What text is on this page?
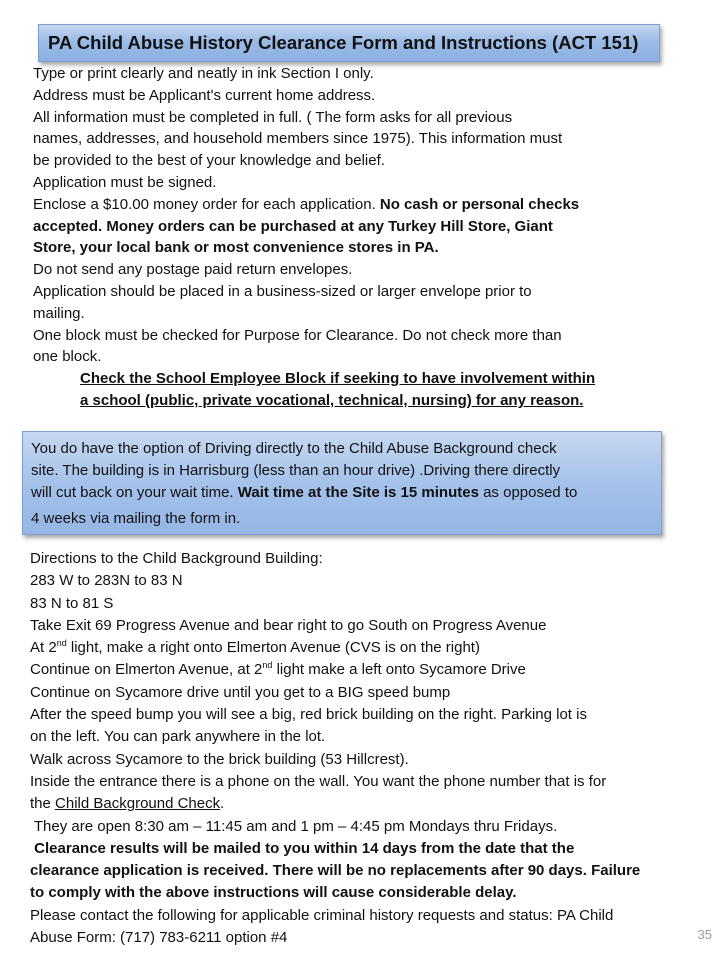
PA Child Abuse History Clearance Form and Instructions (ACT 151)
Type or print clearly and neatly in ink Section I only.
Address must be Applicant's current home address.
All information must be completed in full. ( The form asks for all previous
names, addresses, and household members since 1975). This information must
be provided to the best of your knowledge and belief.
Application must be signed.
Enclose a $10.00 money order for each application. No cash or personal checks
accepted. Money orders can be purchased at any Turkey Hill Store, Giant
Store, your local bank or most convenience stores in PA.
Do not send any postage paid return envelopes.
Application should be placed in a business-sized or larger envelope prior to
mailing.
One block must be checked for Purpose for Clearance. Do not check more than
one block.
Check the School Employee Block if seeking to have involvement within
a school (public, private vocational, technical, nursing) for any reason.
You do have the option of Driving directly to the Child Abuse Background check
site. The building is in Harrisburg (less than an hour drive) .Driving there directly
will cut back on your wait time. Wait time at the Site is 15 minutes as opposed to
4 weeks via mailing the form in.
Directions to the Child Background Building:
283 W to 283N to 83 N
83 N to 81 S
Take Exit 69 Progress Avenue and bear right to go South on Progress Avenue
At 2nd light, make a right onto Elmerton Avenue (CVS is on the right)
Continue on Elmerton Avenue, at 2nd light make a left onto Sycamore Drive
Continue on Sycamore drive until you get to a BIG speed bump
After the speed bump you will see a big, red brick building on the right. Parking lot is
on the left. You can park anywhere in the lot.
Walk across Sycamore to the brick building (53 Hillcrest).
Inside the entrance there is a phone on the wall. You want the phone number that is for
the Child Background Check.
They are open 8:30 am – 11:45 am and 1 pm – 4:45 pm Mondays thru Fridays.
Clearance results will be mailed to you within 14 days from the date that the
clearance application is received. There will be no replacements after 90 days. Failure
to comply with the above instructions will cause considerable delay.
Please contact the following for applicable criminal history requests and status: PA Child
Abuse Form: (717) 783-6211 option #4	35
